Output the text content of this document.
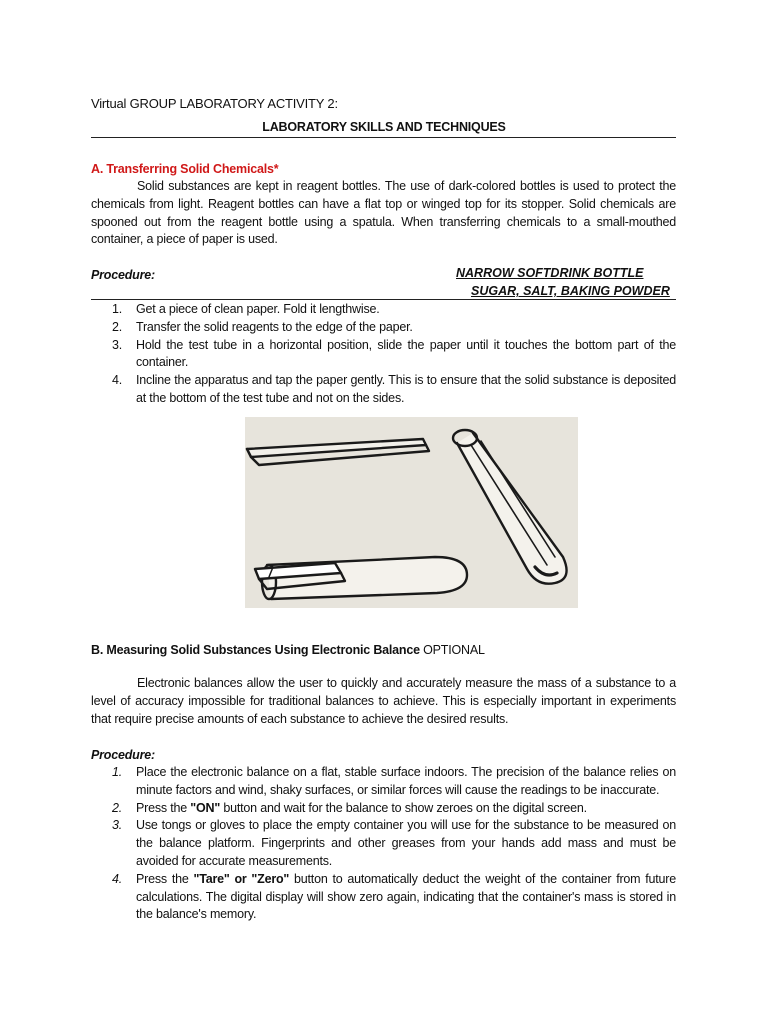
Virtual GROUP LABORATORY ACTIVITY 2:
LABORATORY SKILLS AND TECHNIQUES
A. Transferring Solid Chemicals*
Solid substances are kept in reagent bottles. The use of dark-colored bottles is used to protect the chemicals from light. Reagent bottles can have a flat top or winged top for its stopper. Solid chemicals are spooned out from the reagent bottle using a spatula. When transferring chemicals to a small-mouthed container, a piece of paper is used.
Procedure:	NARROW SOFTDRINK BOTTLE
SUGAR, SALT, BAKING POWDER
1. Get a piece of clean paper. Fold it lengthwise.
2. Transfer the solid reagents to the edge of the paper.
3. Hold the test tube in a horizontal position, slide the paper until it touches the bottom part of the container.
4. Incline the apparatus and tap the paper gently. This is to ensure that the solid substance is deposited at the bottom of the test tube and not on the sides.
B. Measuring Solid Substances Using Electronic Balance OPTIONAL
Electronic balances allow the user to quickly and accurately measure the mass of a substance to a level of accuracy impossible for traditional balances to achieve. This is especially important in experiments that require precise amounts of each substance to achieve the desired results.
Procedure:
1. Place the electronic balance on a flat, stable surface indoors. The precision of the balance relies on minute factors and wind, shaky surfaces, or similar forces will cause the readings to be inaccurate.
2. Press the "ON" button and wait for the balance to show zeroes on the digital screen.
3. Use tongs or gloves to place the empty container you will use for the substance to be measured on the balance platform. Fingerprints and other greases from your hands add mass and must be avoided for accurate measurements.
4. Press the "Tare" or "Zero" button to automatically deduct the weight of the container from future calculations. The digital display will show zero again, indicating that the container's mass is stored in the balance's memory.
